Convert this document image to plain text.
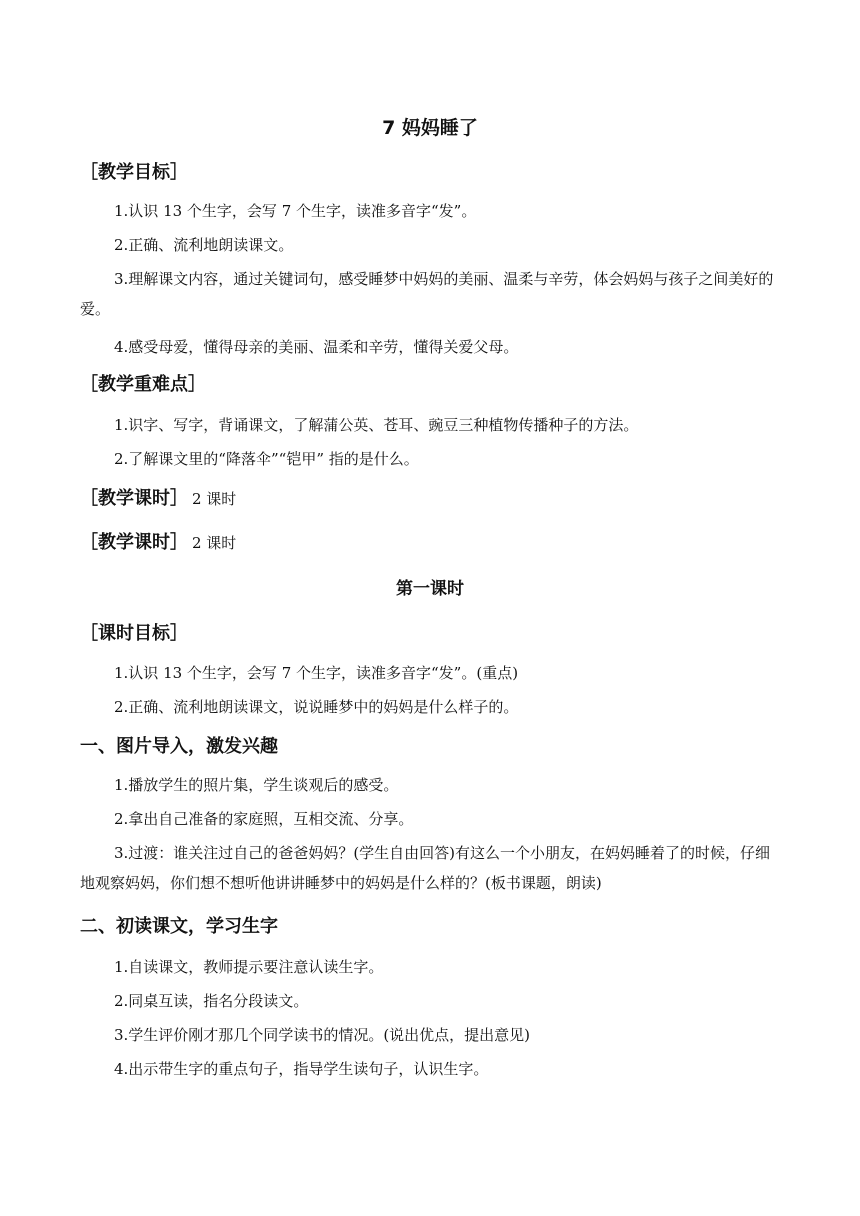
7 妈妈睡了
［教学目标］
1.认识 13 个生字，会写 7 个生字，读准多音字“发”。
2.正确、流利地朗读课文。
3.理解课文内容，通过关键词句，感受睡梦中妈妈的美丽、温柔与辛劳，体会妈妈与孩子之间美好的爱。
4.感受母爱，懂得母亲的美丽、温柔和辛劳，懂得关爱父母。
［教学重难点］
1.识字、写字，背诵课文，了解蒲公英、苍耳、豌豆三种植物传播种子的方法。
2.了解课文里的“降落伞”“铠甲” 指的是什么。
［教学课时］ 2 课时
［教学课时］ 2 课时
第一课时
［课时目标］
1.认识 13 个生字，会写 7 个生字，读准多音字“发”。(重点)
2.正确、流利地朗读课文，说说睡梦中的妈妈是什么样子的。
一、图片导入，激发兴趣
1.播放学生的照片集，学生谈观后的感受。
2.拿出自己准备的家庭照，互相交流、分享。
3.过渡：谁关注过自己的爸爸妈妈？(学生自由回答)有这么一个小朋友，在妈妈睡着了的时候，仔细地观察妈妈，你们想不想听他讲讲睡梦中的妈妈是什么样的？(板书课题，朗读)
二、初读课文，学习生字
1.自读课文，教师提示要注意认读生字。
2.同桌互读，指名分段读文。
3.学生评价刚才那几个同学读书的情况。(说出优点，提出意见)
4.出示带生字的重点句子，指导学生读句子，认识生字。
